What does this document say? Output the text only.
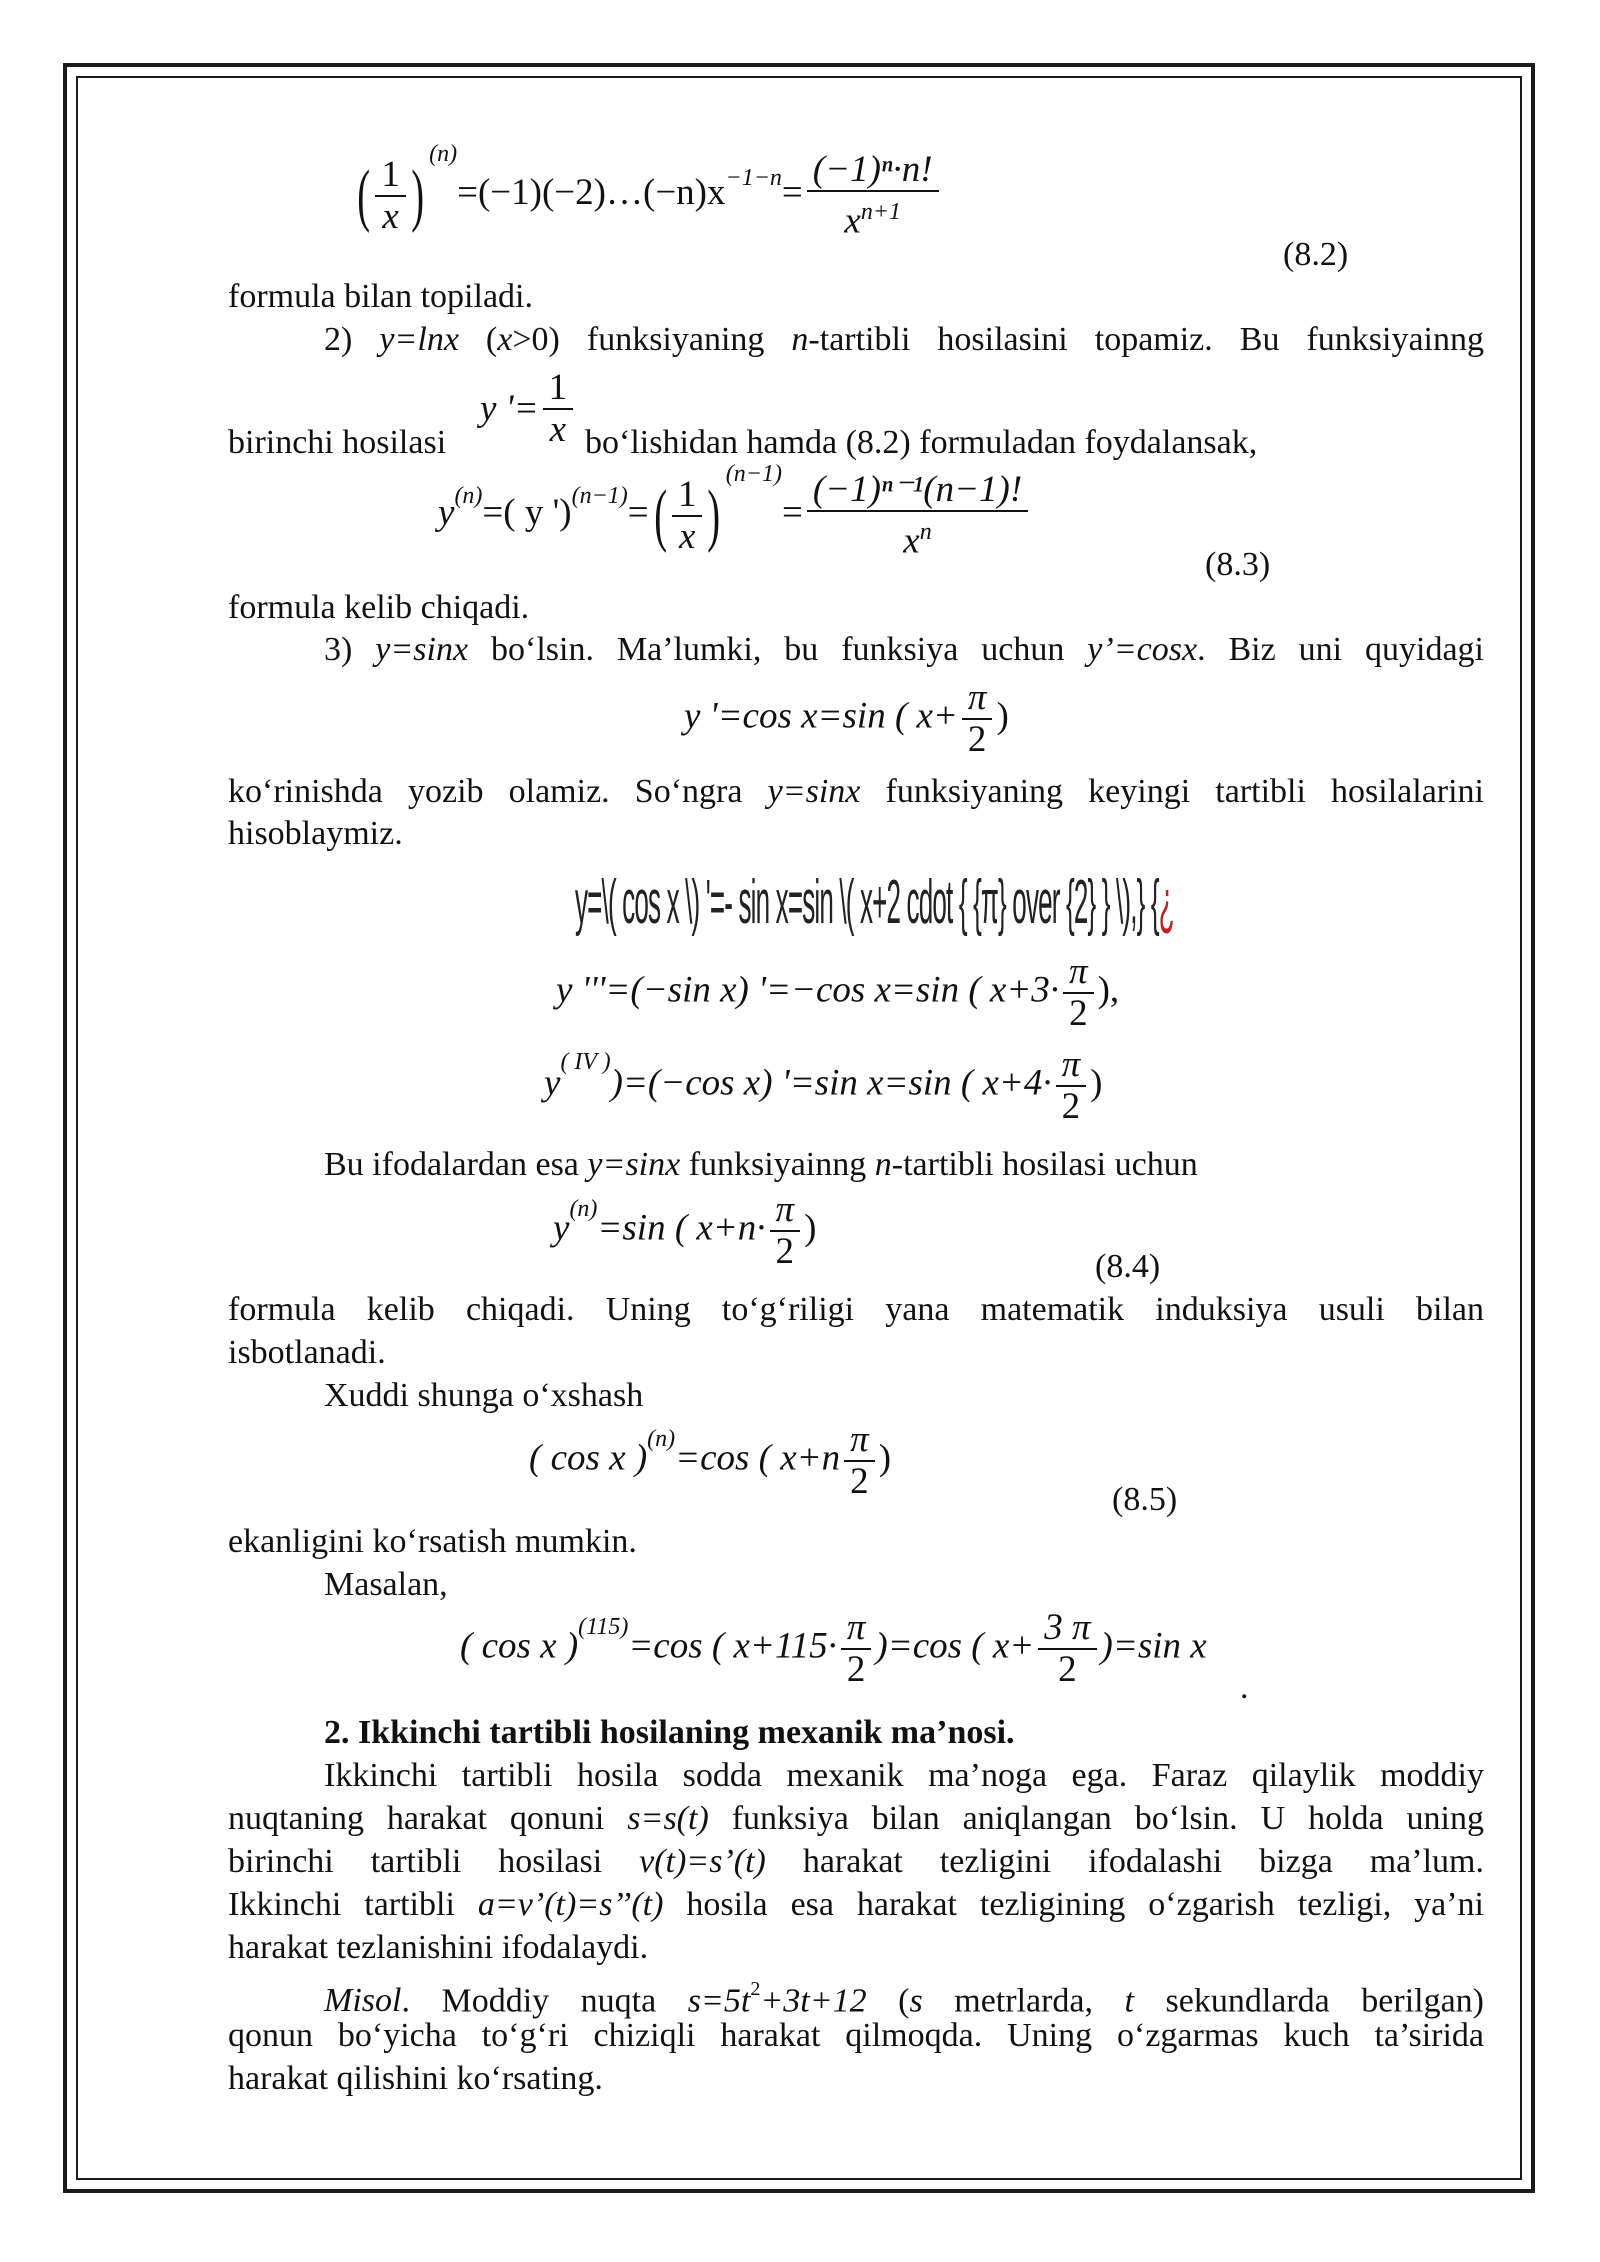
( $\frac{1}{x}$ )$^{(n)}=(-1)(-2)\dots(-n)x^{-1-n}= \frac{\text{(−1)ⁿ·n!}}{x^{n+1}}$
(8.2)
formula bilan topiladi.
2) y=lnx (x>0) funksiyaning n-tartibli hosilasini topamiz. Bu funksiyainng
birinchi hosilasi
y '= $\frac{1}{x}$ bo‘lishidan hamda (8.2) formuladan foydalansak,
$y^{(n)}=$( y ')$^{(n-1)}=( \frac{1}{x} )^{(n-1)}= \frac{\text{(−1)ⁿ⁻¹(n−1)!}}{x^n}$
(8.3)
formula kelib chiqadi.
3) y=sinx bo‘lsin. Ma’lumki, bu funksiya uchun y’=cosx. Biz uni quyidagi
y '=cos x=sin ( $x+ \frac{\pi}{2}$ )
ko‘rinishda yozib olamiz. So‘ngra y=sinx funksiyaning keyingi tartibli hosilalarini
hisoblaymiz.
y=\( cos x \) '=- sin x=sin \( x+2 cdot { {π} over {2} } \),} {¿
y '''=(−sin x) '=−cos x=sin ( $x+3\cdot \frac{\pi}{2}$ ),
$y^{( IV )})=(-\cos$ x) '=sin x=sin ( $x+4\cdot \frac{\pi}{2}$ )
Bu ifodalardan esa y=sinx funksiyainng n-tartibli hosilasi uchun
$y^{(n)}=\sin$ ( $x+n\cdot \frac{\pi}{2}$ )
(8.4)
formula kelib chiqadi. Uning to‘g‘riligi yana matematik induksiya usuli bilan
isbotlanadi.
Xuddi shunga o‘xshash
( cos x )$^{(n)}$=cos ( $x+n \frac{\pi}{2}$ )
(8.5)
ekanligini ko‘rsatish mumkin.
Masalan,
( cos x )$^{(115)}$=cos ( $x+115\cdot \frac{\pi}{2} )=\cos$ ( $x+ \frac{3 \pi}{2} )=\sin$ x
.
2. Ikkinchi tartibli hosilaning mexanik ma’nosi.
Ikkinchi tartibli hosila sodda mexanik ma’noga ega. Faraz qilaylik moddiy
nuqtaning harakat qonuni s=s(t) funksiya bilan aniqlangan bo‘lsin. U holda uning
birinchi tartibli hosilasi v(t)=s’(t) harakat tezligini ifodalashi bizga ma’lum.
Ikkinchi tartibli a=v’(t)=s’’(t) hosila esa harakat tezligining o‘zgarish tezligi, ya’ni
harakat tezlanishini ifodalaydi.
Misol. Moddiy nuqta $s=5t^2+3t+12$ (s metrlarda, t sekundlarda berilgan)
qonun bo‘yicha to‘g‘ri chiziqli harakat qilmoqda. Uning o‘zgarmas kuch ta’sirida
harakat qilishini ko‘rsating.
